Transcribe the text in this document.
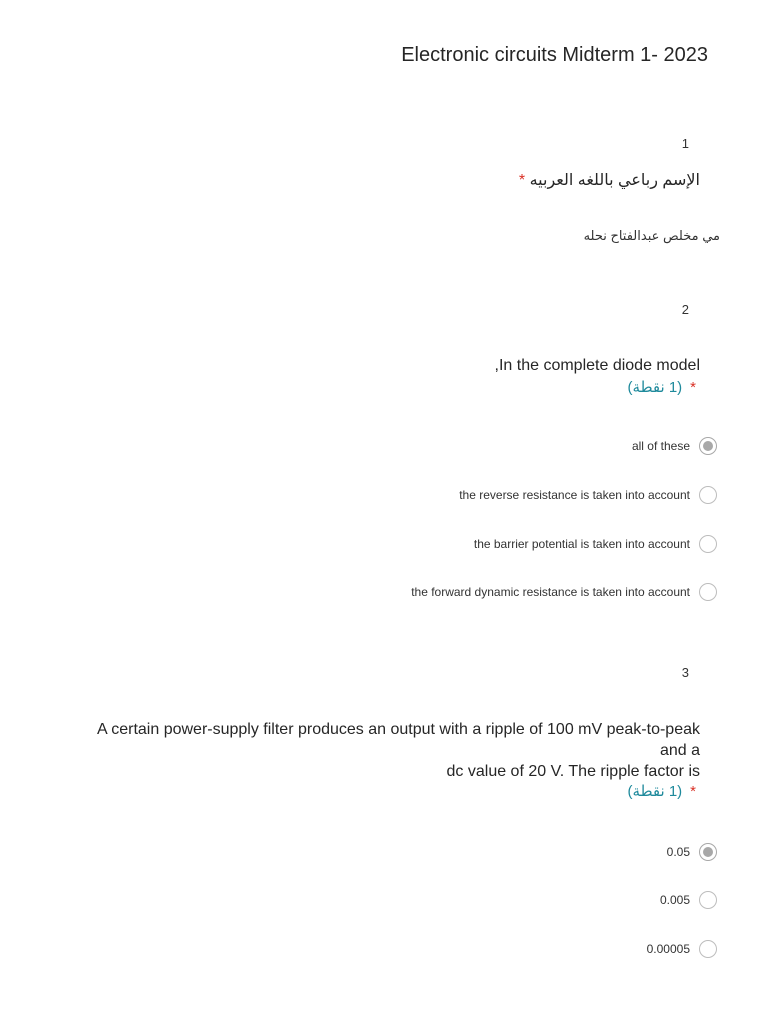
Electronic circuits Midterm 1- 2023
1
الإسم رباعي باللغه العربيه *
مي مخلص عبدالفتاح نحله
2
,In the complete diode model
*(1 نقطة)
all of these
the reverse resistance is taken into account
the barrier potential is taken into account
the forward dynamic resistance is taken into account
3
A certain power-supply filter produces an output with a ripple of 100 mV peak-to-peak
and a
dc value of 20 V. The ripple factor is
*(1 نقطة)
0.05
0.005
0.00005
